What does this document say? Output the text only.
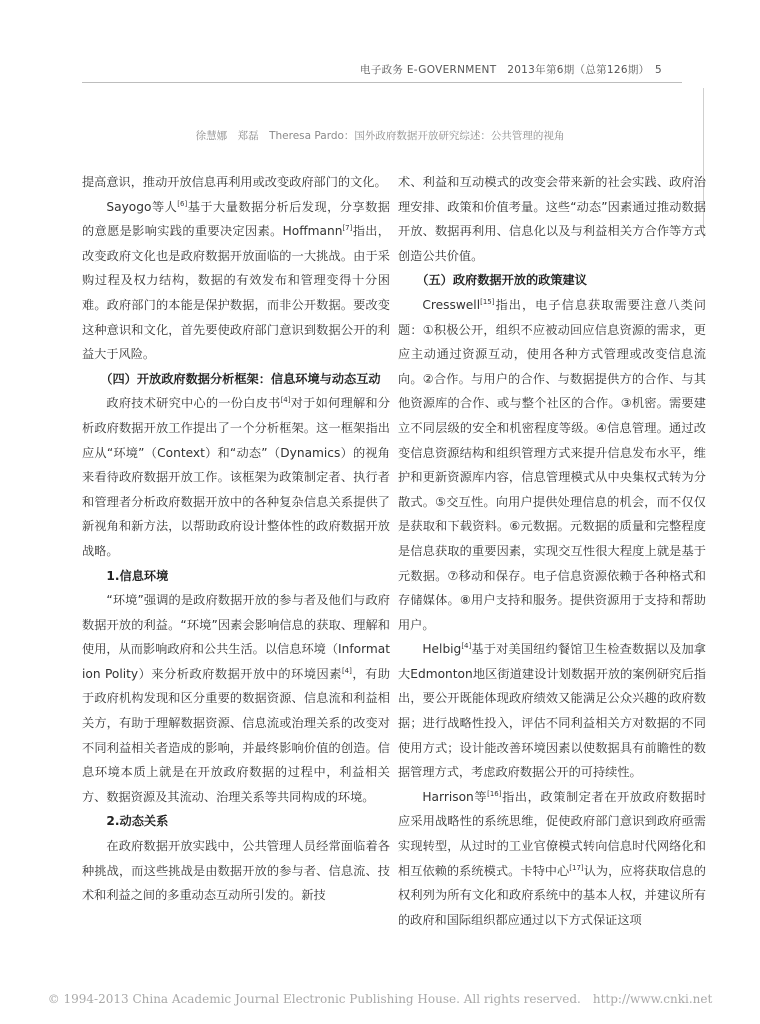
电子政务 E-GOVERNMENT　2013年第6期（总第126期）　5
徐慧娜　郑磊　Theresa Pardo：国外政府数据开放研究综述：公共管理的视角

提高意识，推动开放信息再利用或改变政府部门的文化。

Sayogo等人[6]基于大量数据分析后发现，分享数据的意愿是影响实践的重要决定因素。Hoffmann[7]指出，改变政府文化也是政府数据开放面临的一大挑战。由于采购过程及权力结构，数据的有效发布和管理变得十分困难。政府部门的本能是保护数据，而非公开数据。要改变这种意识和文化，首先要使政府部门意识到数据公开的利益大于风险。

（四）开放政府数据分析框架：信息环境与动态互动

政府技术研究中心的一份白皮书[4]对于如何理解和分析政府数据开放工作提出了一个分析框架。这一框架指出应从“环境”（Context）和“动态”（Dynamics）的视角来看待政府数据开放工作。该框架为政策制定者、执行者和管理者分析政府数据开放中的各种复杂信息关系提供了新视角和新方法，以帮助政府设计整体性的政府数据开放战略。

1.信息环境

“环境”强调的是政府数据开放的参与者及他们与政府数据开放的利益。“环境”因素会影响信息的获取、理解和使用，从而影响政府和公共生活。以信息环境（Information Polity）来分析政府数据开放中的环境因素[4]，有助于政府机构发现和区分重要的数据资源、信息流和利益相关方，有助于理解数据资源、信息流或治理关系的改变对不同利益相关者造成的影响，并最终影响价值的创造。信息环境本质上就是在开放政府数据的过程中，利益相关方、数据资源及其流动、治理关系等共同构成的环境。

2.动态关系

在政府数据开放实践中，公共管理人员经常面临着各种挑战，而这些挑战是由数据开放的参与者、信息流、技术和利益之间的多重动态互动所引发的。新技

术、利益和互动模式的改变会带来新的社会实践、政府治理安排、政策和价值考量。这些“动态”因素通过推动数据开放、数据再利用、信息化以及与利益相关方合作等方式创造公共价值。

（五）政府数据开放的政策建议

Cresswell[15]指出，电子信息获取需要注意八类问题：①积极公开，组织不应被动回应信息资源的需求，更应主动通过资源互动，使用各种方式管理或改变信息流向。②合作。与用户的合作、与数据提供方的合作、与其他资源库的合作、或与整个社区的合作。③机密。需要建立不同层级的安全和机密程度等级。④信息管理。通过改变信息资源结构和组织管理方式来提升信息发布水平，维护和更新资源库内容，信息管理模式从中央集权式转为分散式。⑤交互性。向用户提供处理信息的机会，而不仅仅是获取和下载资料。⑥元数据。元数据的质量和完整程度是信息获取的重要因素，实现交互性很大程度上就是基于元数据。⑦移动和保存。电子信息资源依赖于各种格式和存储媒体。⑧用户支持和服务。提供资源用于支持和帮助用户。

Helbig[4]基于对美国纽约餐馆卫生检查数据以及加拿大Edmonton地区街道建设计划数据开放的案例研究后指出，要公开既能体现政府绩效又能满足公众兴趣的政府数据；进行战略性投入，评估不同利益相关方对数据的不同使用方式；设计能改善环境因素以使数据具有前瞻性的数据管理方式，考虑政府数据公开的可持续性。

Harrison等[16]指出，政策制定者在开放政府数据时应采用战略性的系统思维，促使政府部门意识到政府亟需实现转型，从过时的工业官僚模式转向信息时代网络化和相互依赖的系统模式。卡特中心[17]认为，应将获取信息的权利列为所有文化和政府系统中的基本人权，并建议所有的政府和国际组织都应通过以下方式保证这项

© 1994-2013 China Academic Journal Electronic Publishing House. All rights reserved.　http://www.cnki.net
